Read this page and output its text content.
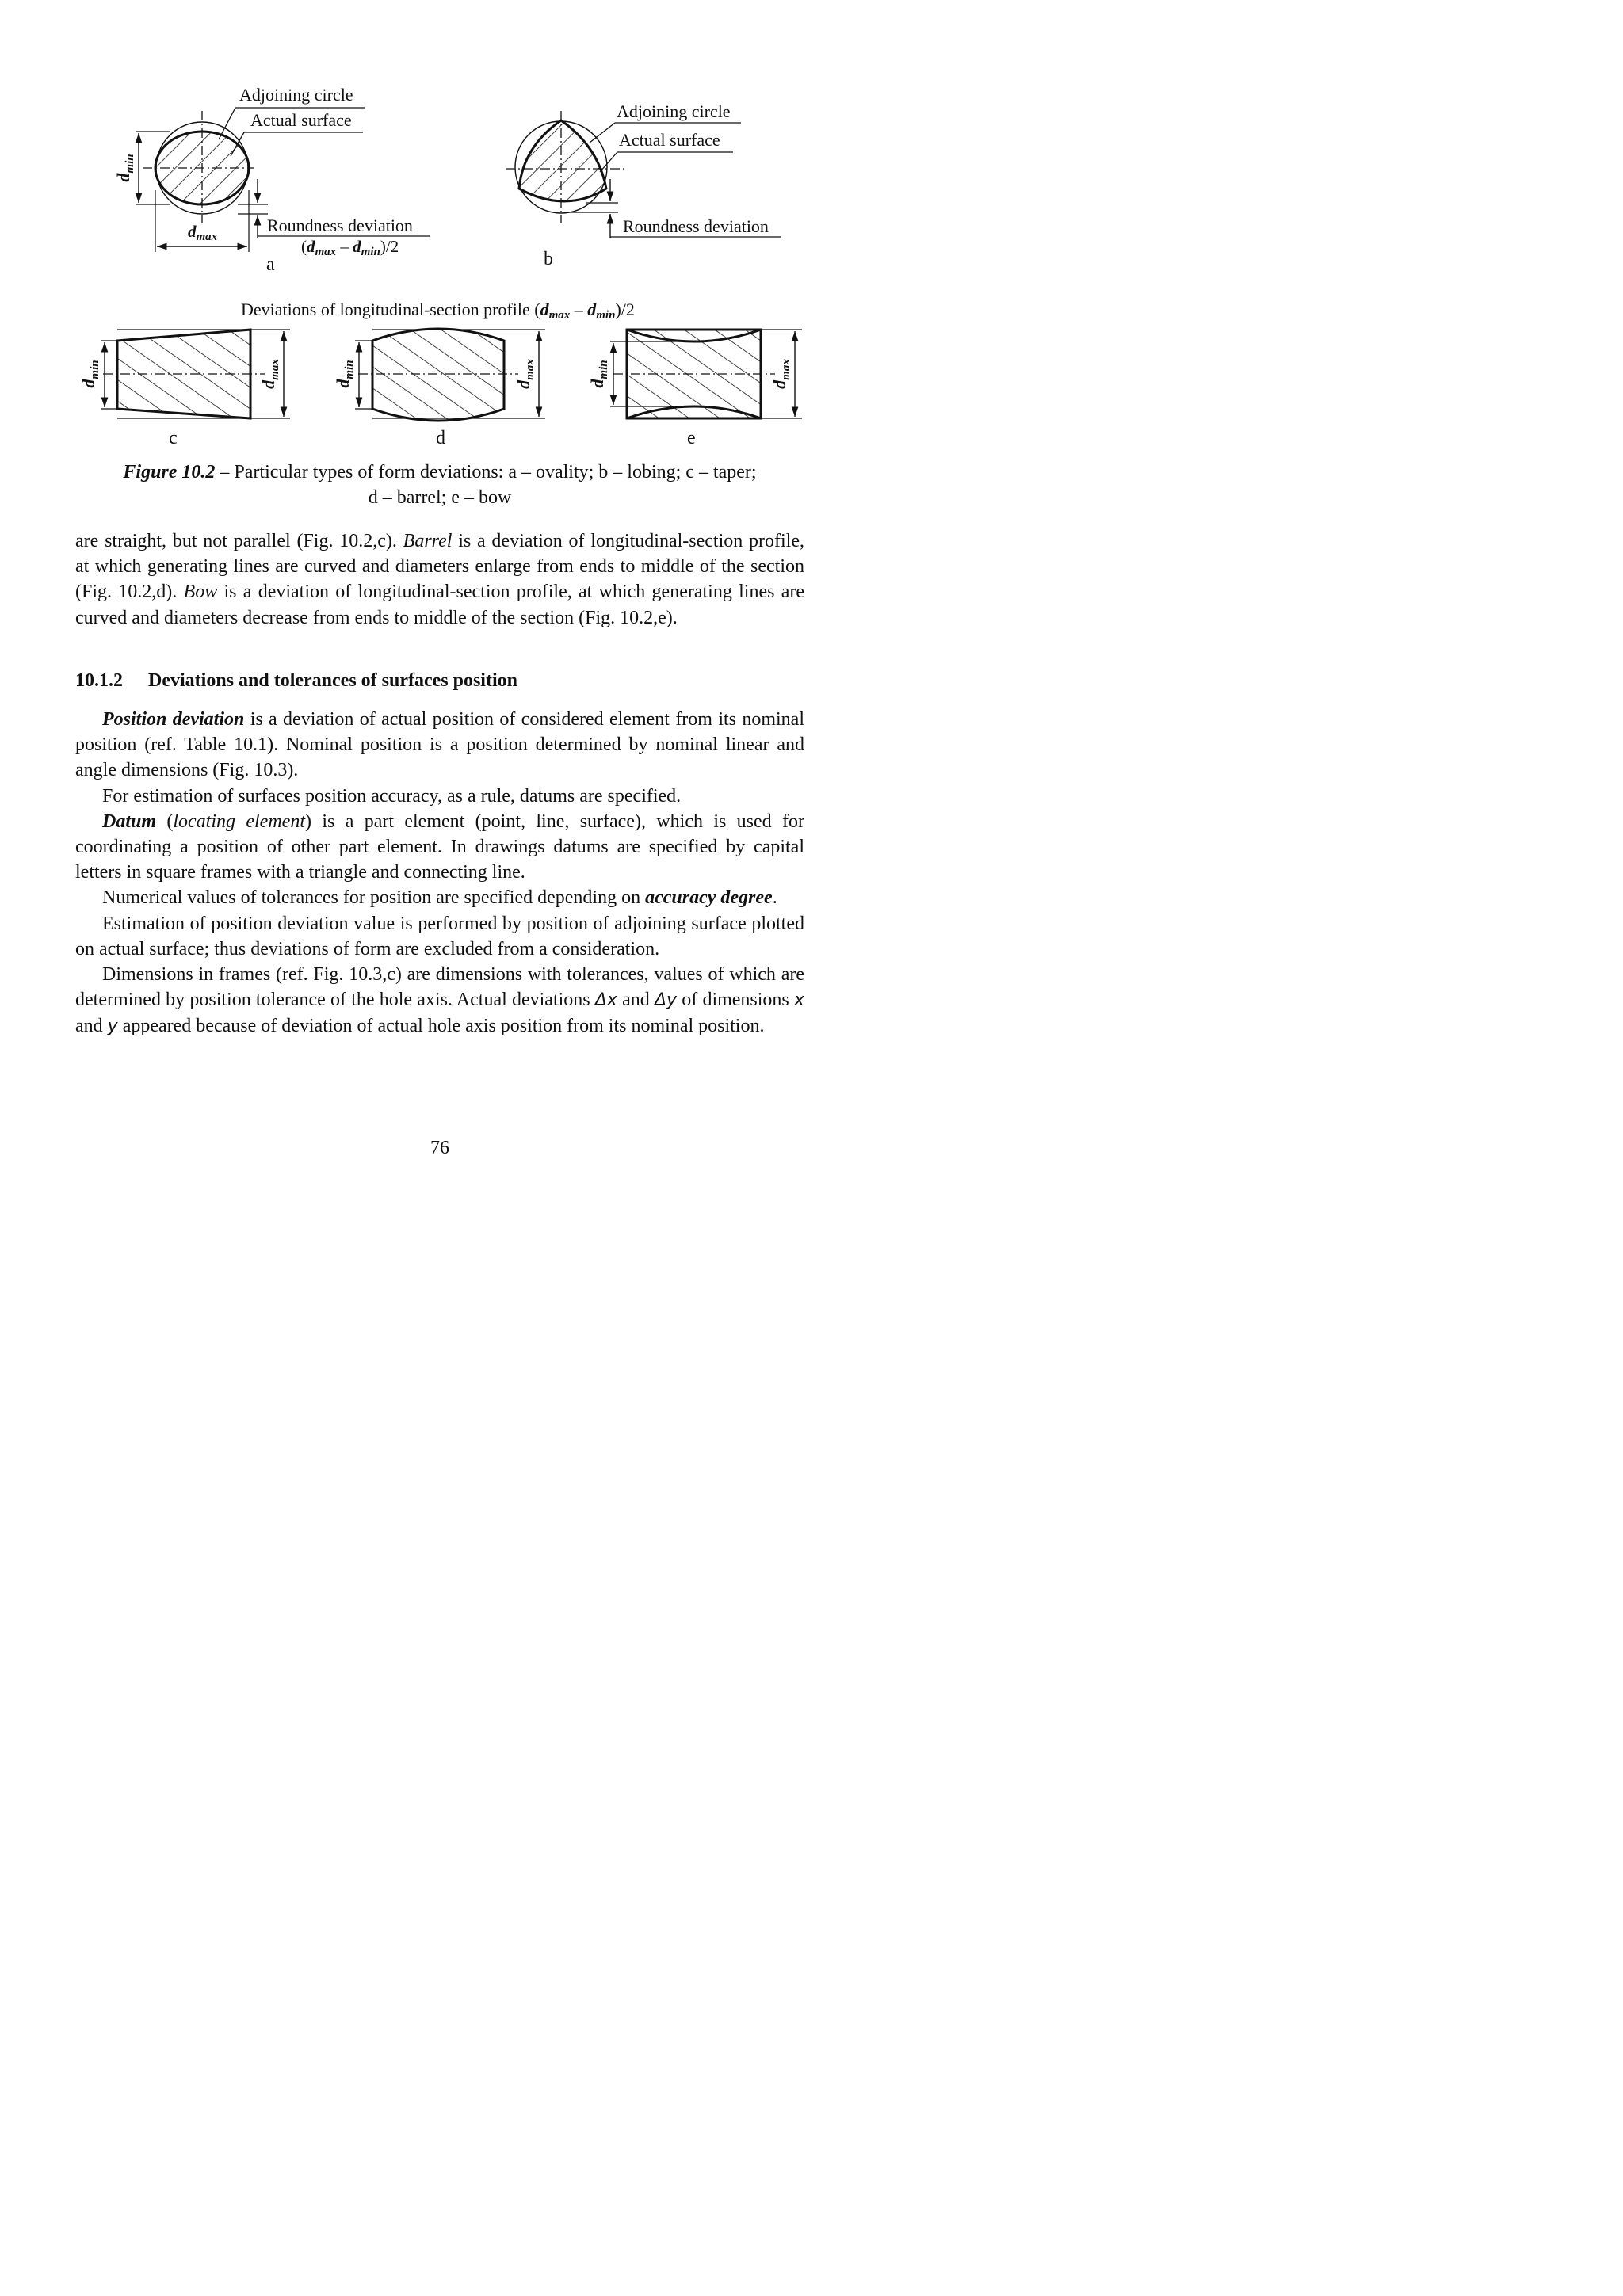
$d_{min}$
dmax
Adjoining circle
Actual surface
Roundness deviation
(dmax – dmin)/2
a
Adjoining circle
Actual surface
Roundness deviation
b
Deviations of longitudinal-section profile (dmax – dmin)/2
$d_{min}$
$d_{max}$
c
$d_{min}$
$d_{max}$
d
$d_{min}$
$d_{max}$
e
Figure 10.2 – Particular types of form deviations: a – ovality; b – lobing; c – taper;
d – barrel; e – bow

are straight, but not parallel (Fig. 10.2,c). Barrel is a deviation of longitudinal-section profile, at which generating lines are curved and diameters enlarge from ends to middle of the section (Fig. 10.2,d). Bow is a deviation of longitudinal-section profile, at which generating lines are curved and diameters decrease from ends to middle of the section (Fig. 10.2,e).

10.1.2 Deviations and tolerances of surfaces position

Position deviation is a deviation of actual position of considered element from its nominal position (ref. Table 10.1). Nominal position is a position determined by nominal linear and angle dimensions (Fig. 10.3).

For estimation of surfaces position accuracy, as a rule, datums are specified.

Datum (locating element) is a part element (point, line, surface), which is used for coordinating a position of other part element. In drawings datums are specified by capital letters in square frames with a triangle and connecting line.

Numerical values of tolerances for position are specified depending on accuracy degree.

Estimation of position deviation value is performed by position of adjoining surface plotted on actual surface; thus deviations of form are excluded from a consideration.

Dimensions in frames (ref. Fig. 10.3,c) are dimensions with tolerances, values of which are determined by position tolerance of the hole axis. Actual deviations Δx and Δy of dimensions x and y appeared because of deviation of actual hole axis position from its nominal position.

76
